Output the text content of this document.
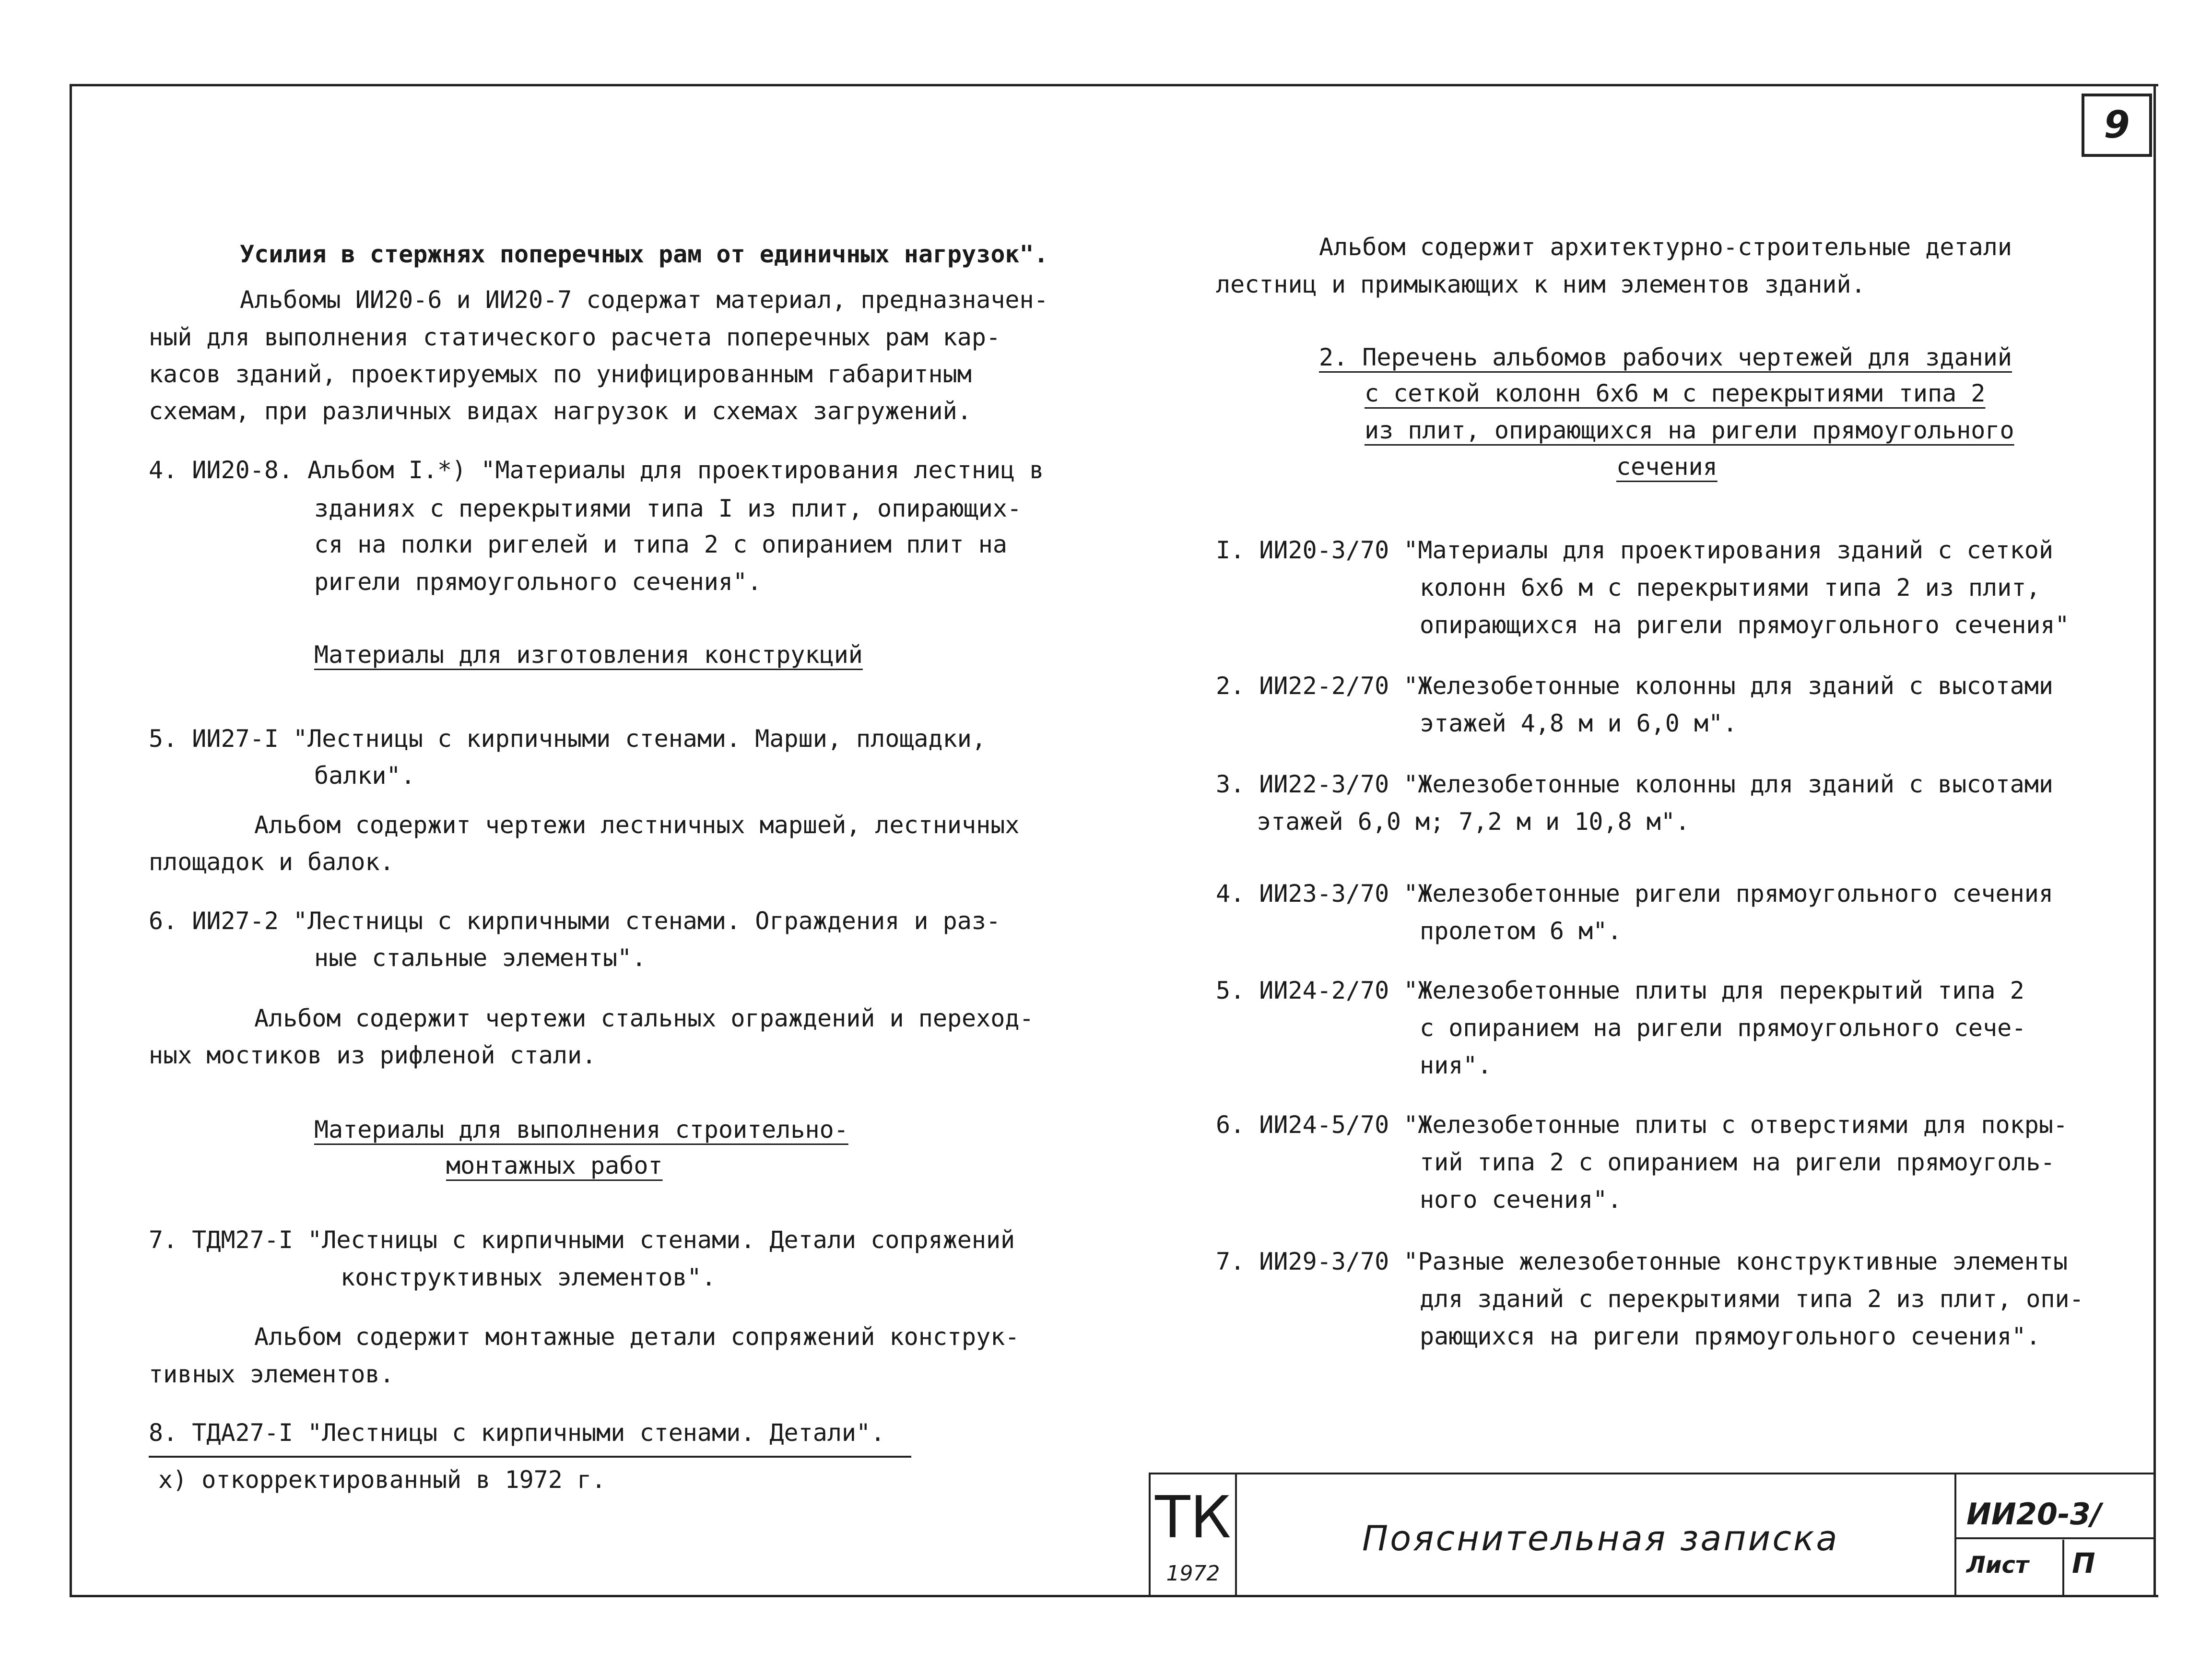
9
Усилия в стержнях поперечных рам от единичных нагрузок".
Альбомы ИИ20-6 и ИИ20-7 содержат материал, предназначен-
ный для выполнения статического расчета поперечных рам кар-
касов зданий, проектируемых по унифицированным габаритным
схемам, при различных видах нагрузок и схемах загружений.
4. ИИ20-8. Альбом I.*) "Материалы для проектирования лестниц в
зданиях с перекрытиями типа I из плит, опирающих-
ся на полки ригелей и типа 2 с опиранием плит на
ригели прямоугольного сечения".
Материалы для изготовления конструкций
5. ИИ27-I "Лестницы с кирпичными стенами. Марши, площадки,
балки".
Альбом содержит чертежи лестничных маршей, лестничных
площадок и балок.
6. ИИ27-2 "Лестницы с кирпичными стенами. Ограждения и раз-
ные стальные элементы".
Альбом содержит чертежи стальных ограждений и переход-
ных мостиков из рифленой стали.
Материалы для выполнения строительно-
монтажных работ
7. ТДМ27-I "Лестницы с кирпичными стенами. Детали сопряжений
конструктивных элементов".
Альбом содержит монтажные детали сопряжений конструк-
тивных элементов.
8. ТДА27-I "Лестницы с кирпичными стенами. Детали".
х) откорректированный в 1972 г.
Альбом содержит архитектурно-строительные детали
лестниц и примыкающих к ним элементов зданий.
2. Перечень альбомов рабочих чертежей для зданий
с сеткой колонн 6х6 м с перекрытиями типа 2
из плит, опирающихся на ригели прямоугольного
сечения
I. ИИ20-3/70 "Материалы для проектирования зданий с сеткой
колонн 6х6 м с перекрытиями типа 2 из плит,
опирающихся на ригели прямоугольного сечения"
2. ИИ22-2/70 "Железобетонные колонны для зданий с высотами
этажей 4,8 м и 6,0 м".
3. ИИ22-3/70 "Железобетонные колонны для зданий с высотами
этажей 6,0 м; 7,2 м и 10,8 м".
4. ИИ23-3/70 "Железобетонные ригели прямоугольного сечения
пролетом 6 м".
5. ИИ24-2/70 "Железобетонные плиты для перекрытий типа 2
с опиранием на ригели прямоугольного сече-
ния".
6. ИИ24-5/70 "Железобетонные плиты с отверстиями для покры-
тий типа 2 с опиранием на ригели прямоуголь-
ного сечения".
7. ИИ29-3/70 "Разные железобетонные конструктивные элементы
для зданий с перекрытиями типа 2 из плит, опи-
рающихся на ригели прямоугольного сечения".
ТК
1972
Пояснительная записка
ИИ20-3/
Лист П
